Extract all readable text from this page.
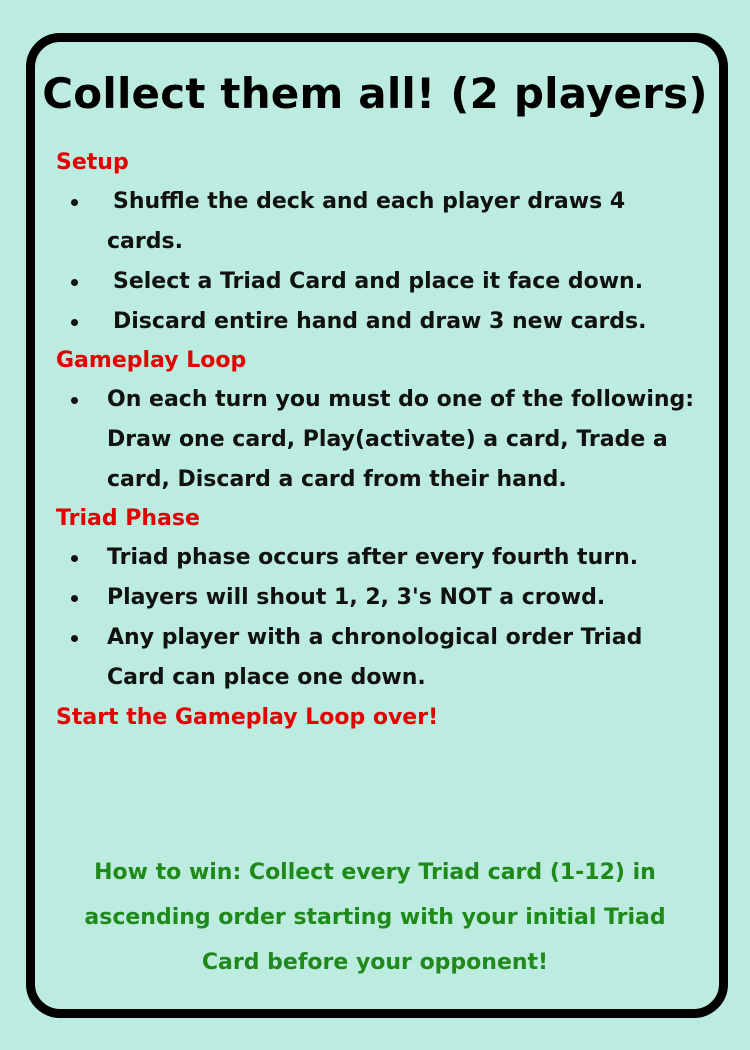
Collect them all! (2 players)

Setup

Shuffle the deck and each player draws 4 cards.
Select a Triad Card and place it face down.
Discard entire hand and draw 3 new cards.

Gameplay Loop

On each turn you must do one of the following: Draw one card, Play(activate) a card, Trade a card, Discard a card from their hand.

Triad Phase

Triad phase occurs after every fourth turn.
Players will shout 1, 2, 3's NOT a crowd.
Any player with a chronological order Triad Card can place one down.

Start the Gameplay Loop over!

How to win: Collect every Triad card (1-12) in ascending order starting with your initial Triad Card before your opponent!
